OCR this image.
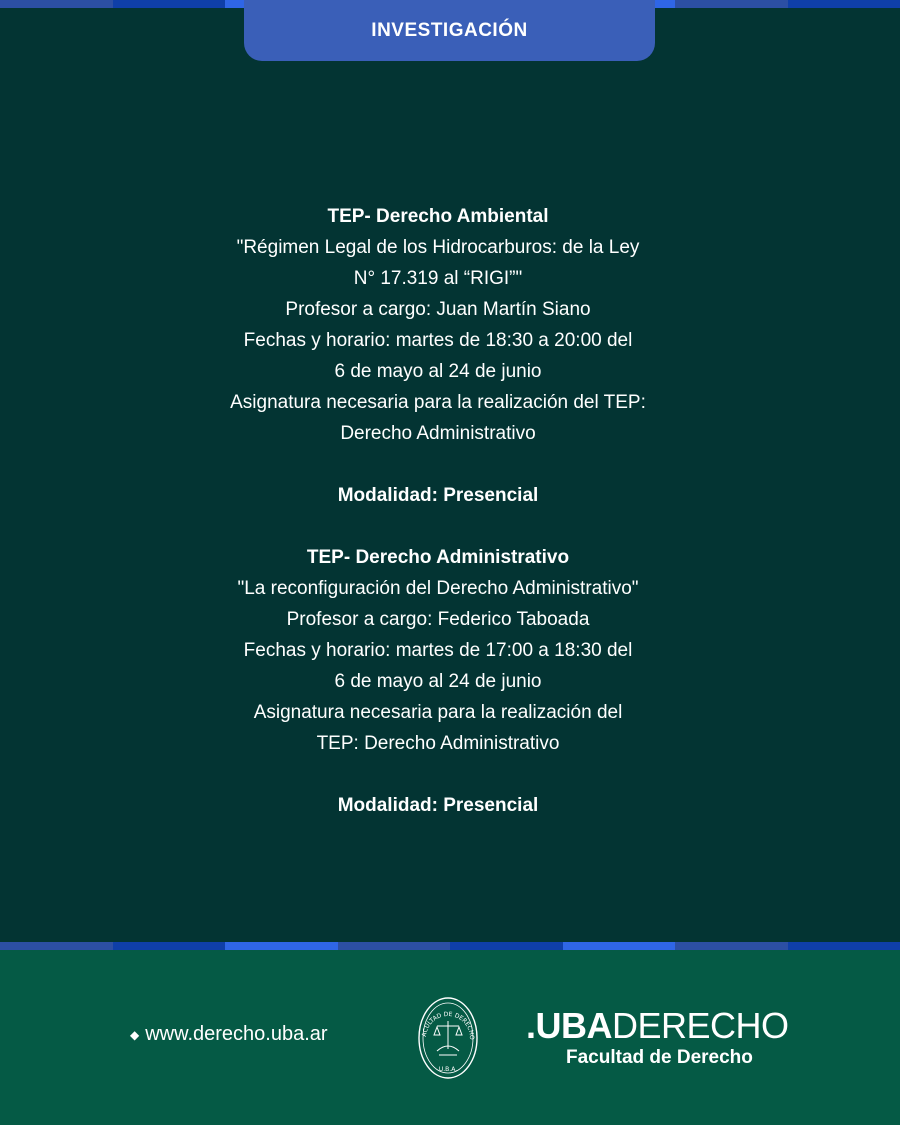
INVESTIGACIÓN
TEP- Derecho Ambiental
"Régimen Legal de los Hidrocarburos: de la Ley
N° 17.319 al “RIGI”"
Profesor a cargo: Juan Martín Siano
Fechas y horario: martes de 18:30 a 20:00 del
6 de mayo al 24 de junio
Asignatura necesaria para la realización del TEP:
Derecho Administrativo
Modalidad: Presencial
TEP- Derecho Administrativo
"La reconfiguración del Derecho Administrativo"
Profesor a cargo: Federico Taboada
Fechas y horario: martes de 17:00 a 18:30 del
6 de mayo al 24 de junio
Asignatura necesaria para la realización del
TEP: Derecho Administrativo
Modalidad: Presencial
◆ www.derecho.uba.ar	ACULTAD DE DERECHO
U.B.A.
.UBADERECHO
Facultad de Derecho
